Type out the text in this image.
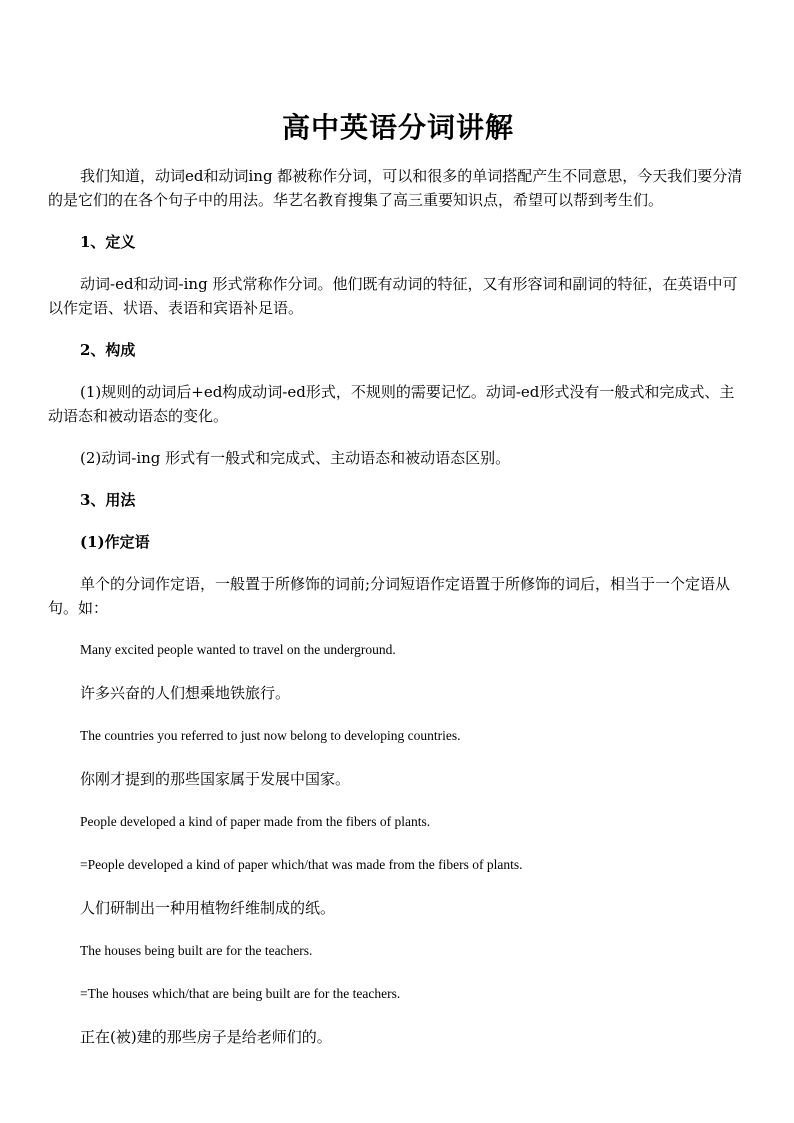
高中英语分词讲解

我们知道，动词ed和动词ing 都被称作分词，可以和很多的单词搭配产生不同意思，今天我们要分清的是它们的在各个句子中的用法。华艺名教育搜集了高三重要知识点，希望可以帮到考生们。

1、定义

动词-ed和动词-ing 形式常称作分词。他们既有动词的特征，又有形容词和副词的特征，在英语中可以作定语、状语、表语和宾语补足语。

2、构成

(1)规则的动词后+ed构成动词-ed形式，不规则的需要记忆。动词-ed形式没有一般式和完成式、主动语态和被动语态的变化。

(2)动词-ing 形式有一般式和完成式、主动语态和被动语态区别。

3、用法
(1)作定语

单个的分词作定语，一般置于所修饰的词前;分词短语作定语置于所修饰的词后，相当于一个定语从句。如：

Many excited people wanted to travel on the underground.
许多兴奋的人们想乘地铁旅行。
The countries you referred to just now belong to developing countries.
你刚才提到的那些国家属于发展中国家。
People developed a kind of paper made from the fibers of plants.
=People developed a kind of paper which/that was made from the fibers of plants.
人们研制出一种用植物纤维制成的纸。
The houses being built are for the teachers.
=The houses which/that are being built are for the teachers.
正在(被)建的那些房子是给老师们的。
